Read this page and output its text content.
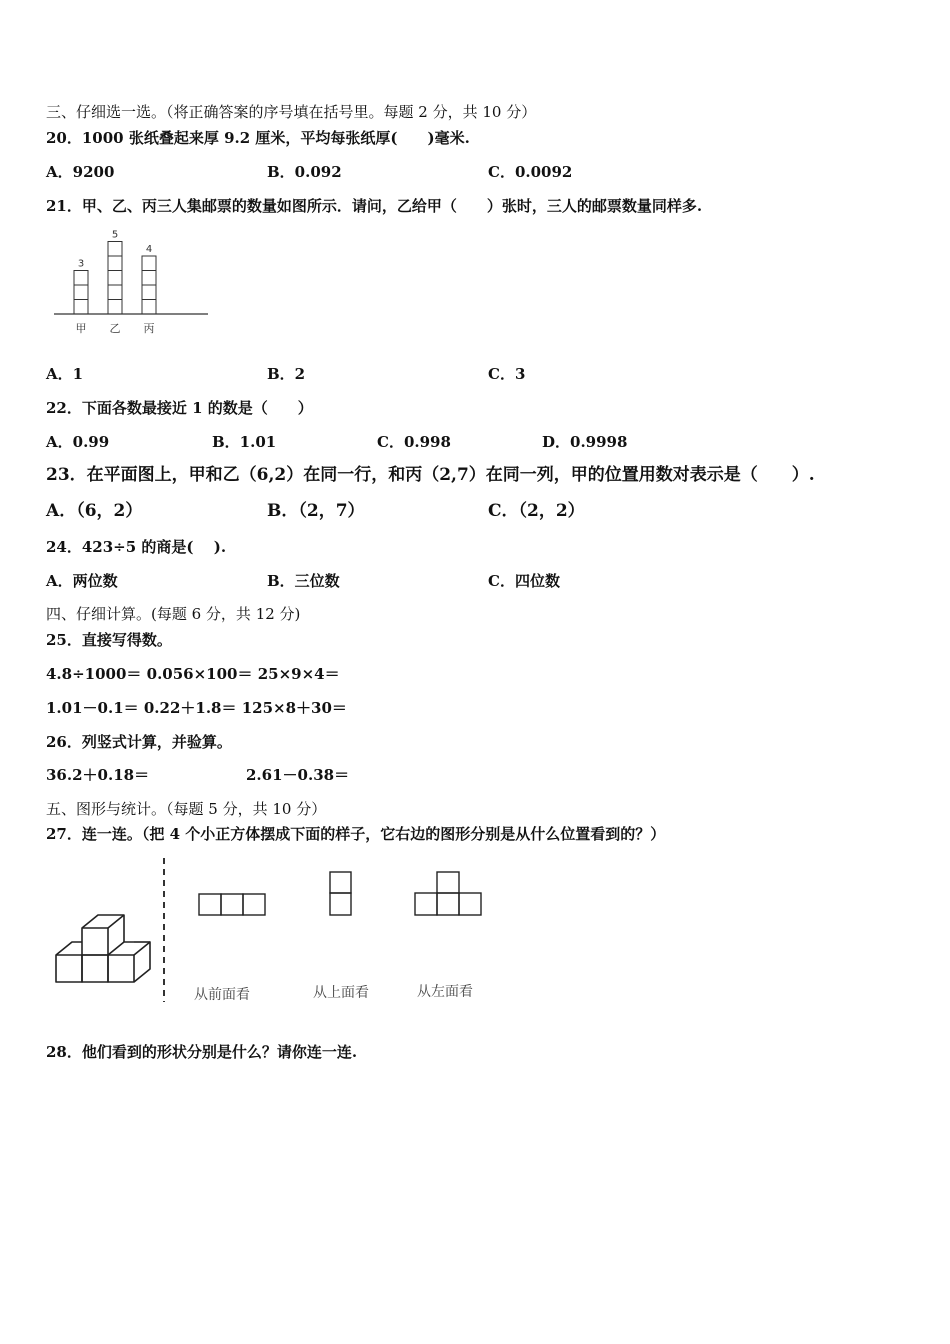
三、仔细选一选。（将正确答案的序号填在括号里。每题 2 分，共 10 分）
20．1000 张纸叠起来厚 9.2 厘米，平均每张纸厚(　　)毫米.
A．9200	B．0.092	C．0.0092
21．甲、乙、丙三人集邮票的数量如图所示．请问，乙给甲（　　）张时，三人的邮票数量同样多.
3
甲
5
乙
4
丙
A．1	B．2	C．3
22．下面各数最接近 1 的数是（　　）
A．0.99	B．1.01	C．0.998	D．0.9998
23．在平面图上，甲和乙（6,2）在同一行，和丙（2,7）在同一列，甲的位置用数对表示是（　　）.
A．（6，2）	B．（2，7）	C．（2，2）
24．423÷5 的商是(　 ).
A．两位数	B．三位数	C．四位数
四、仔细计算。(每题 6 分，共 12 分)
25．直接写得数。
4.8÷1000＝ 0.056×100＝ 25×9×4＝
1.01－0.1＝ 0.22＋1.8＝ 125×8＋30＝
26．列竖式计算，并验算。
36.2＋0.18＝	2.61－0.38＝
五、图形与统计。（每题 5 分，共 10 分）
27．连一连。（把 4 个小正方体摆成下面的样子，它右边的图形分别是从什么位置看到的？）
从前面看	从上面看	从左面看
28．他们看到的形状分别是什么？请你连一连.
